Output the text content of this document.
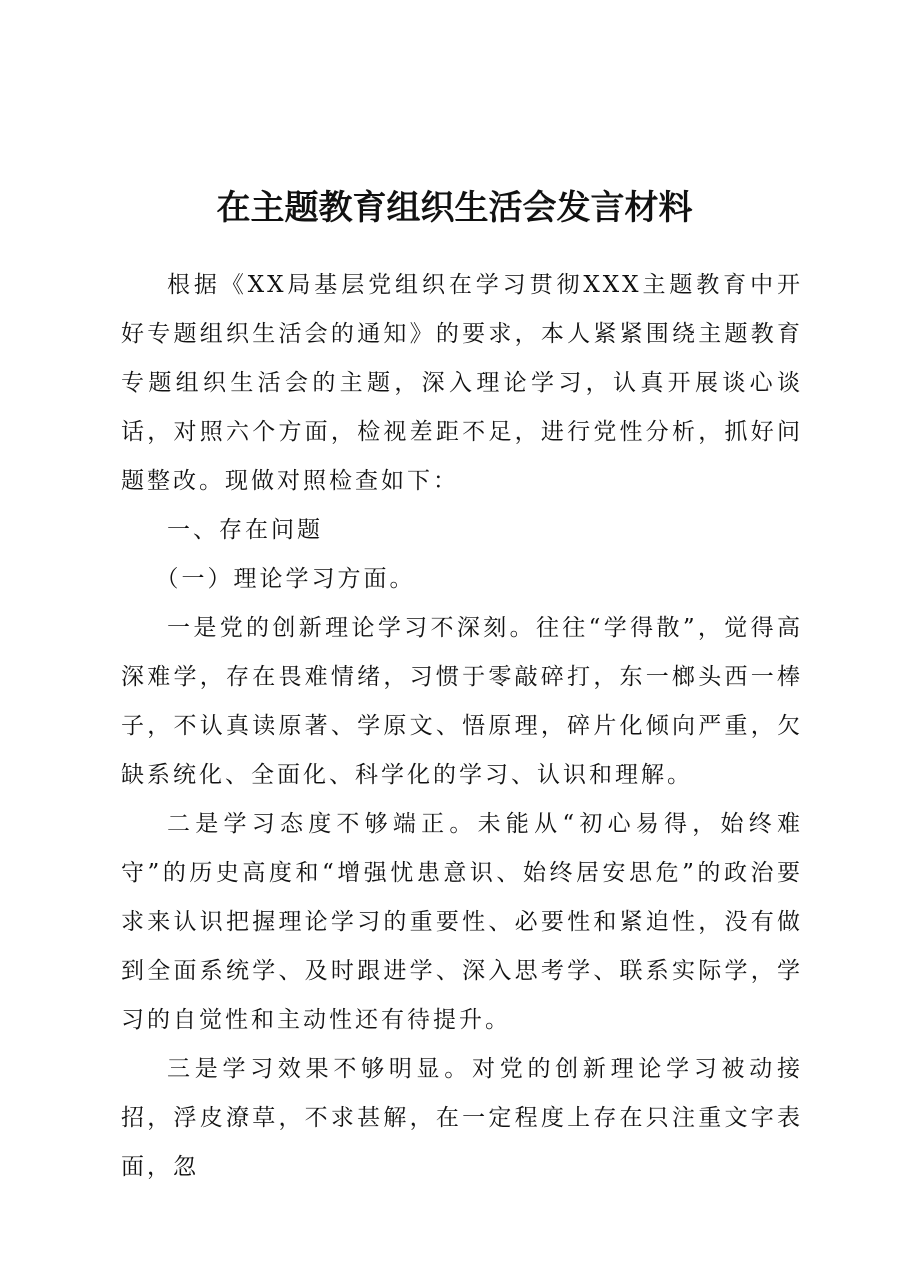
在主题教育组织生活会发言材料

根据《XX局基层党组织在学习贯彻XXX主题教育中开好专题组织生活会的通知》的要求，本人紧紧围绕主题教育专题组织生活会的主题，深入理论学习，认真开展谈心谈话，对照六个方面，检视差距不足，进行党性分析，抓好问题整改。现做对照检查如下：

一、存在问题

（一）理论学习方面。

一是党的创新理论学习不深刻。往往“学得散”，觉得高深难学，存在畏难情绪，习惯于零敲碎打，东一榔头西一棒子，不认真读原著、学原文、悟原理，碎片化倾向严重，欠缺系统化、全面化、科学化的学习、认识和理解。

二是学习态度不够端正。未能从“初心易得，始终难守”的历史高度和“增强忧患意识、始终居安思危”的政治要求来认识把握理论学习的重要性、必要性和紧迫性，没有做到全面系统学、及时跟进学、深入思考学、联系实际学，学习的自觉性和主动性还有待提升。

三是学习效果不够明显。对党的创新理论学习被动接招，浮皮潦草，不求甚解，在一定程度上存在只注重文字表面，忽
